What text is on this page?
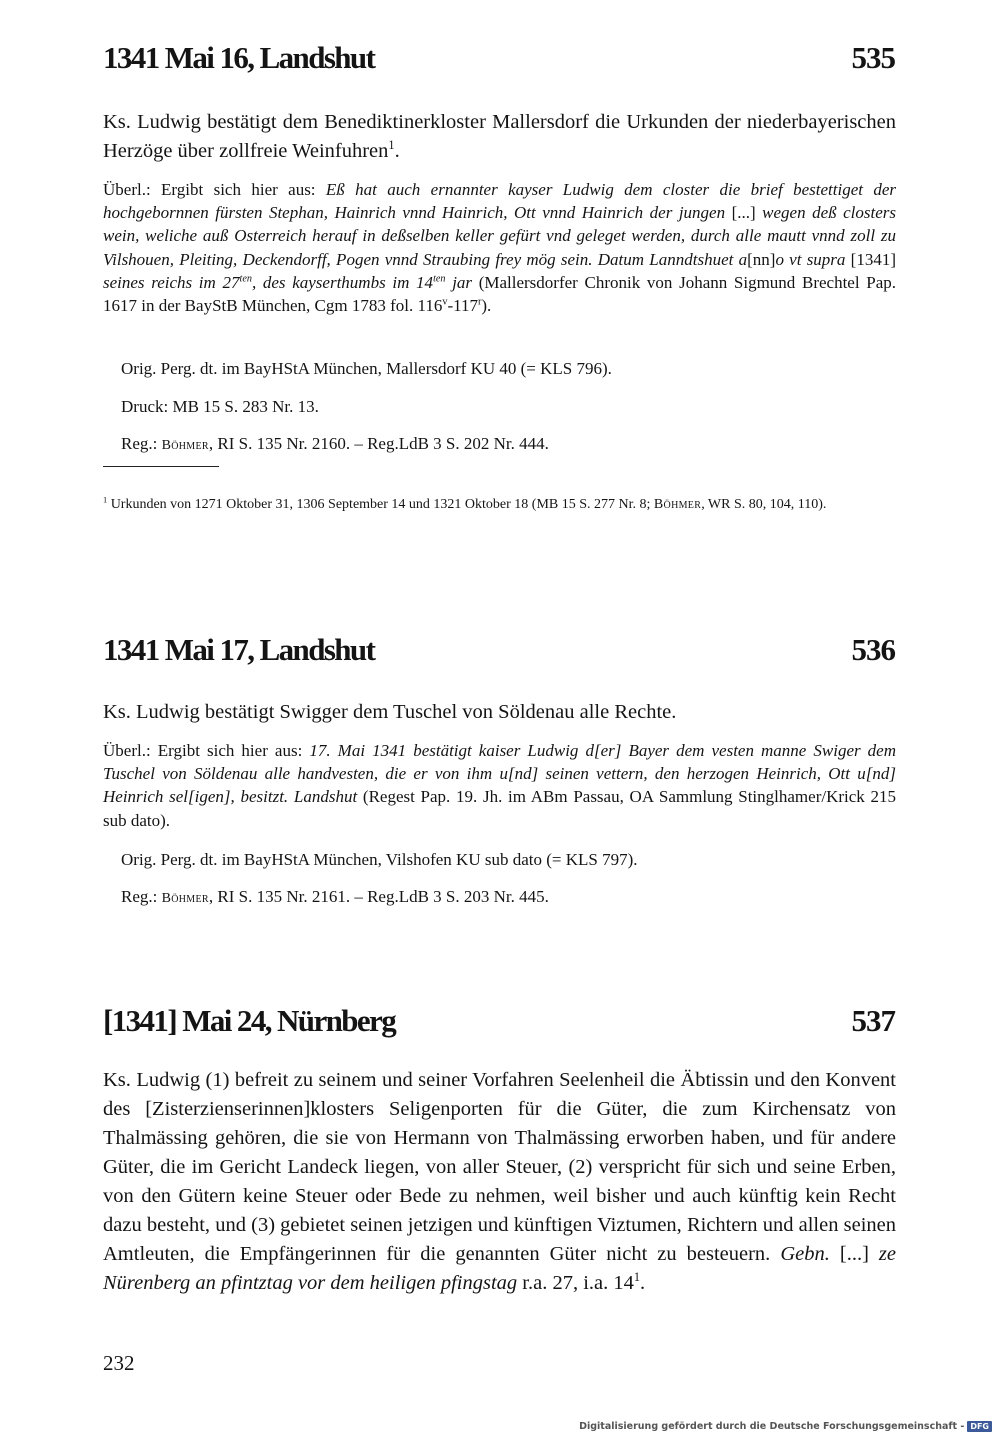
1341 Mai 16, Landshut	535
Ks. Ludwig bestätigt dem Benediktinerkloster Mallersdorf die Urkunden der niederbayerischen Herzöge über zollfreie Weinfuhren$^1$.
Überl.: Ergibt sich hier aus: Eß hat auch ernannter kayser Ludwig dem closter die brief bestettiget der hochgebornnen fürsten Stephan, Hainrich vnnd Hainrich, Ott vnnd Hainrich der jungen [...] wegen deß closters wein, weliche auß Osterreich herauf in deßselben keller gefürt vnd geleget werden, durch alle mautt vnnd zoll zu Vilshouen, Pleiting, Deckendorff, Pogen vnnd Straubing frey mög sein. Datum Lanndtshuet a[nn]o vt supra [1341] seines reichs im $27^{ten}$, des kayserthumbs im $14^{ten}$ jar (Mallersdorfer Chronik von Johann Sigmund Brechtel Pap. 1617 in der BayStB München, Cgm 1783 fol. 116$^v$-117$^r$).
Orig. Perg. dt. im BayHStA München, Mallersdorf KU 40 (= KLS 796).
Druck: MB 15 S. 283 Nr. 13.
Reg.: Böhmer, RI S. 135 Nr. 2160. – Reg.LdB 3 S. 202 Nr. 444.
$^1$ Urkunden von 1271 Oktober 31, 1306 September 14 und 1321 Oktober 18 (MB 15 S. 277 Nr. 8; Böhmer, WR S. 80, 104, 110).
1341 Mai 17, Landshut	536
Ks. Ludwig bestätigt Swigger dem Tuschel von Söldenau alle Rechte.
Überl.: Ergibt sich hier aus: 17. Mai 1341 bestätigt kaiser Ludwig d[er] Bayer dem vesten manne Swiger dem Tuschel von Söldenau alle handvesten, die er von ihm u[nd] seinen vettern, den herzogen Heinrich, Ott u[nd] Heinrich sel[igen], besitzt. Landshut (Regest Pap. 19. Jh. im ABm Passau, OA Sammlung Stinglhamer/Krick 215 sub dato).
Orig. Perg. dt. im BayHStA München, Vilshofen KU sub dato (= KLS 797).
Reg.: Böhmer, RI S. 135 Nr. 2161. – Reg.LdB 3 S. 203 Nr. 445.
[1341] Mai 24, Nürnberg	537
Ks. Ludwig (1) befreit zu seinem und seiner Vorfahren Seelenheil die Äbtissin und den Konvent des [Zisterzienserinnen]klosters Seligenporten für die Güter, die zum Kirchensatz von Thalmässing gehören, die sie von Hermann von Thalmässing erworben haben, und für andere Güter, die im Gericht Landeck liegen, von aller Steuer, (2) verspricht für sich und seine Erben, von den Gütern keine Steuer oder Bede zu nehmen, weil bisher und auch künftig kein Recht dazu besteht, und (3) gebietet seinen jetzigen und künftigen Viztumen, Richtern und allen seinen Amtleuten, die Empfängerinnen für die genannten Güter nicht zu besteuern. Gebn. [...] ze Nürenberg an pfintztag vor dem heiligen pfingstag r.a. 27, i.a. $14^1$.
232
Digitalisierung gefördert durch die Deutsche Forschungsgemeinschaft - DFG
